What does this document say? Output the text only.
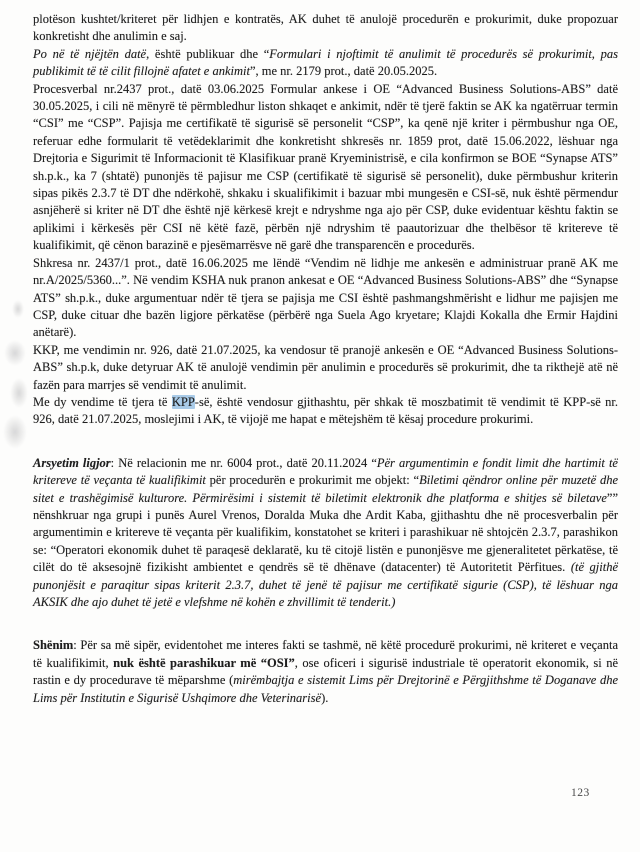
plotëson kushtet/kriteret për lidhjen e kontratës, AK duhet të anulojë procedurën e prokurimit, duke propozuar konkretisht dhe anulimin e saj.

Po në të njëjtën datë, është publikuar dhe “Formulari i njoftimit të anulimit të procedurës së prokurimit, pas publikimit të të cilit fillojnë afatet e ankimit”, me nr. 2179 prot., datë 20.05.2025.

Procesverbal nr.2437 prot., datë 03.06.2025 Formular ankese i OE “Advanced Business Solutions-ABS” datë 30.05.2025, i cili në mënyrë të përmbledhur liston shkaqet e ankimit, ndër të tjerë faktin se AK ka ngatërruar termin “CSI” me “CSP”. Pajisja me certifikatë të sigurisë së personelit “CSP”, ka qenë një kriter i përmbushur nga OE, referuar edhe formularit të vetëdeklarimit dhe konkretisht shkresës nr. 1859 prot, datë 15.06.2022, lëshuar nga Drejtoria e Sigurimit të Informacionit të Klasifikuar pranë Kryeministrisë, e cila konfirmon se BOE “Synapse ATS” sh.p.k., ka 7 (shtatë) punonjës të pajisur me CSP (certifikatë të sigurisë së personelit), duke përmbushur kriterin sipas pikës 2.3.7 të DT dhe ndërkohë, shkaku i skualifikimit i bazuar mbi mungesën e CSI-së, nuk është përmendur asnjëherë si kriter në DT dhe është një kërkesë krejt e ndryshme nga ajo për CSP, duke evidentuar kështu faktin se aplikimi i kërkesës për CSI në këtë fazë, përbën një ndryshim të paautorizuar dhe thelbësor të kritereve të kualifikimit, që cënon barazinë e pjesëmarrësve në garë dhe transparencën e procedurës.

Shkresa nr. 2437/1 prot., datë 16.06.2025 me lëndë “Vendim në lidhje me ankesën e administruar pranë AK me nr.A/2025/5360...”. Në vendim KSHA nuk pranon ankesat e OE “Advanced Business Solutions-ABS” dhe “Synapse ATS” sh.p.k., duke argumentuar ndër të tjera se pajisja me CSI është pashmangshmërisht e lidhur me pajisjen me CSP, duke cituar dhe bazën ligjore përkatëse (përbërë nga Suela Ago kryetare; Klajdi Kokalla dhe Ermir Hajdini anëtarë).

KKP, me vendimin nr. 926, datë 21.07.2025, ka vendosur të pranojë ankesën e OE “Advanced Business Solutions-ABS” sh.p.k, duke detyruar AK të anulojë vendimin për anulimin e procedurës së prokurimit, dhe ta rikthejë atë në fazën para marrjes së vendimit të anulimit.

Me dy vendime të tjera të KPP-së, është vendosur gjithashtu, për shkak të moszbatimit të vendimit të KPP-së nr. 926, datë 21.07.2025, moslejimi i AK, të vijojë me hapat e mëtejshëm të kësaj procedure prokurimi.

Arsyetim ligjor: Në relacionin me nr. 6004 prot., datë 20.11.2024 “Për argumentimin e fondit limit dhe hartimit të kritereve të veçanta të kualifikimit për procedurën e prokurimit me objekt: “Biletimi qëndror online për muzetë dhe sitet e trashëgimisë kulturore. Përmirësimi i sistemit të biletimit elektronik dhe platforma e shitjes së biletave”” nënshkruar nga grupi i punës Aurel Vrenos, Doralda Muka dhe Ardit Kaba, gjithashtu dhe në procesverbalin për argumentimin e kritereve të veçanta për kualifikim, konstatohet se kriteri i parashikuar në shtojcën 2.3.7, parashikon se: “Operatori ekonomik duhet të paraqesë deklaratë, ku të citojë listën e punonjësve me gjeneralitetet përkatëse, të cilët do të aksesojnë fizikisht ambientet e qendrës së të dhënave (datacenter) të Autoritetit Përfitues. (të gjithë punonjësit e paraqitur sipas kriterit 2.3.7, duhet të jenë të pajisur me certifikatë sigurie (CSP), të lëshuar nga AKSIK dhe ajo duhet të jetë e vlefshme në kohën e zhvillimit të tenderit.)

Shënim: Për sa më sipër, evidentohet me interes fakti se tashmë, në këtë procedurë prokurimi, në kriteret e veçanta të kualifikimit, nuk është parashikuar më “OSI”, ose oficeri i sigurisë industriale të operatorit ekonomik, si në rastin e dy procedurave të mëparshme (mirëmbajtja e sistemit Lims për Drejtorinë e Përgjithshme të Doganave dhe Lims për Institutin e Sigurisë Ushqimore dhe Veterinarisë).

123
